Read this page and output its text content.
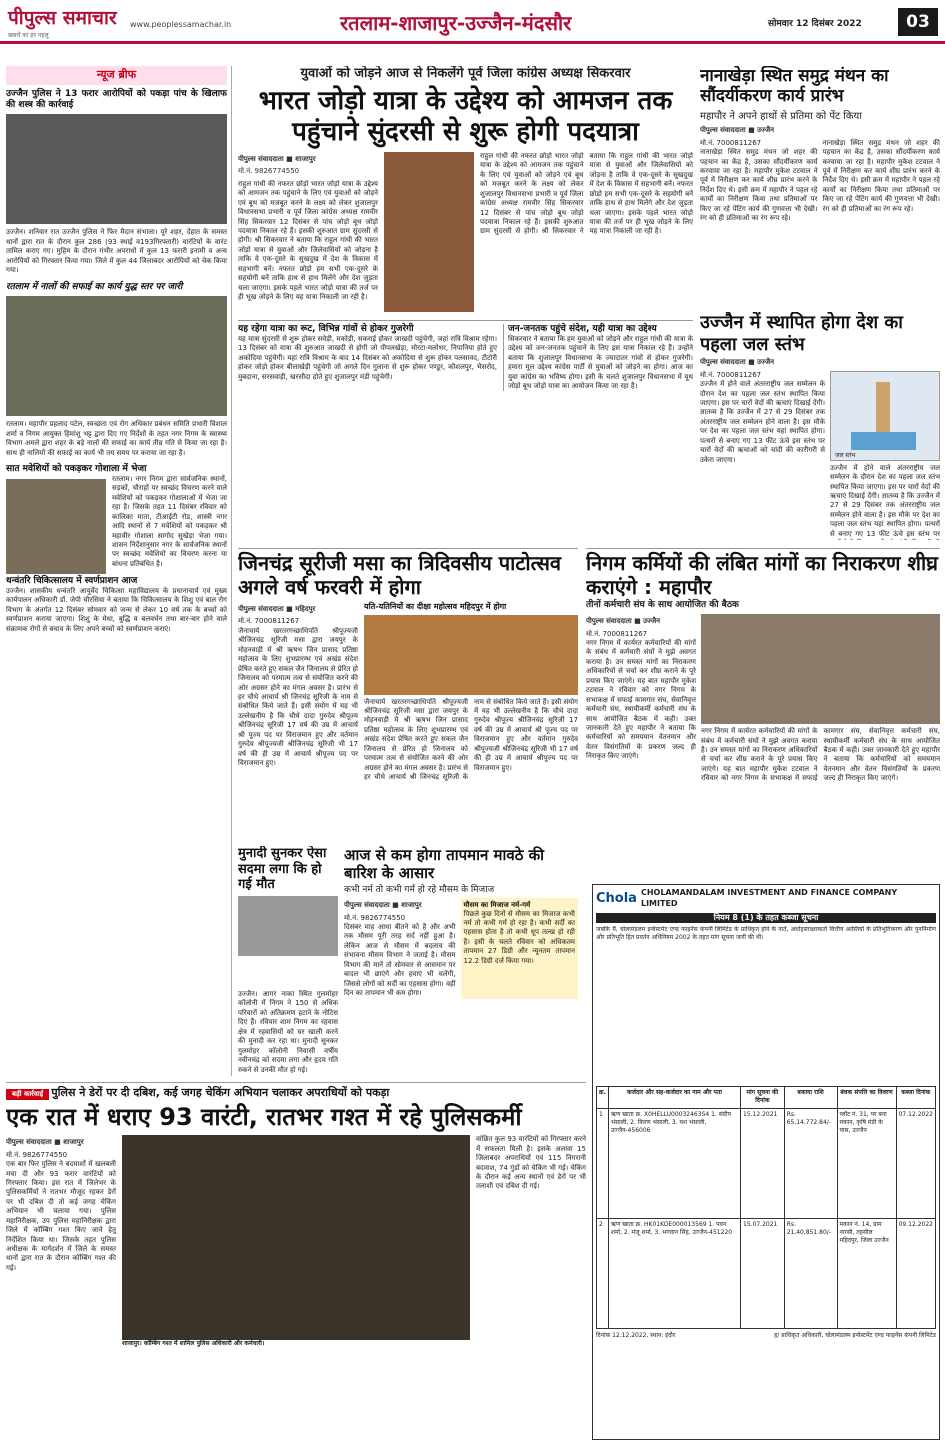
पीपुल्स समाचार
खबरों का हर पहलू
www.peoplessamachar.in	रतलाम-शाजापुर-उज्जैन-मंदसौर	सोमवार 12 दिसंबर 2022	03
न्यूज ब्रीफ
उज्जैन पुलिस ने 13 फरार आरोपियों को पकड़ा पांच के खिलाफ की शस्त्र की कार्रवाई
उज्जैन। शनिवार रात उज्जैन पुलिस ने फिर मैदान संभाला। पूरे शहर, देहात के समस्त थानों द्वारा रात के दौरान कुल 286 (93 स्थाई व193गिरफ्तारी) वारंटियों के वारंट तामिल कराए गए। मुहिम के दौरान गंभीर अपराधों में कुल 13 फरारी इनामी व अन्य आरोपियों को गिरफ्तार किया गया। जिले में कुल 44 जिलाबदर आरोपियों को चेक किया गया।
रतलाम में नालों की सफाई का कार्य युद्ध स्तर पर जारी
रतलाम। महापौर प्रहलाद पटेल, स्वच्छता एवं रोग अधिकार प्रबंधन समिति प्रभारी विशाल शर्मा व निगम आयुक्त हिमांशु भट्ट द्वारा दिए गए निर्देशों के तहत नगर निगम के स्वास्थ्य विभाग अमले द्वारा शहर के बड़े नालों की सफाई का कार्य तीव्र गति से किया जा रहा है। साथ ही नालियों की सफाई का कार्य भी तय समय पर कराया जा रहा है।
सात मवेशियों को पकड़कर गोशाला में भेजा
रतलाम। नगर निगम द्वारा सार्वजनिक स्थानों, सड़कों, चौराहों पर स्वच्छंद विचरण करने वाले मवेशियों को पकड़कर गोशालाओं में भेजा जा रहा है। जिसके तहत 11 दिसंबर रविवार को कालिका माता, टीआईटी रोड, शास्त्री नगर आदि स्थानों से 7 मवेशियों को पकड़कर श्री महावीर गोशाला सागोद सुखेड़ा भेजा गया। शासन निर्देशानुसार नगर के सार्वजनिक स्थानों पर स्वच्छंद मवेशियों का विचरण करना या बांधना प्रतिबंधित है।
धन्वंतरि चिकित्सालय में स्वर्णप्राशन आज
उज्जैन। शासकीय धन्वंतरि आयुर्वेद चिकित्सा महाविद्यालय के प्रधानाचार्य एवं मुख्य कार्यपालन अधिकारी डॉ. जेपी चौरसिया ने बताया कि चिकित्सालय के शिशु एवं बाल रोग विभाग के अंतर्गत 12 दिसंबर सोमवार को जन्म से लेकर 10 वर्ष तक के बच्चों को स्वर्णप्राशन कराया जाएगा। शिशु के मेधा, बुद्धि व बलवर्धन तथा बार-बार होने वाले संक्रामक रोगों से बचाव के लिए अपने बच्चों को स्वर्णप्राशन कराएं।
युवाओं को जोड़ने आज से निकलेंगे पूर्व जिला कांग्रेस अध्यक्ष सिकरवार
भारत जोड़ो यात्रा के उद्देश्य को आमजन तक पहुंचाने सुंदरसी से शुरू होगी पदयात्रा
पीपुल्स संवाददाता ■ शाजापुर
मो.नं. 9826774550
राहुल गांधी की नफरत छोड़ो भारत जोड़ो यात्रा के उद्देश्य को आमजन तक पहुंचाने के लिए एवं युवाओं को जोड़ने एवं बूथ को मजबूत करने के लक्ष्य को लेकर शुजालपुर विधानसभा प्रभारी व पूर्व जिला कांग्रेस अध्यक्ष रामवीर सिंह सिकरवार 12 दिसंबर से पांच जोड़ो बूथ जोड़ो पदयात्रा निकाल रहे हैं। इसकी शुरुआत ग्राम सुंदरसी से होगी। श्री सिकरवार ने बताया कि राहुल गांधी की भारत जोड़ो यात्रा से युवाओं और जिलेवासियों को जोड़ना है ताकि वे एक-दूसरे के सुखदुख में देश के विकास में सहभागी बनें। नफरत छोड़ो हम सभी एक-दूसरे के सहयोगी बनें ताकि हाथ से हाथ मिलेंगे और देश जुड़ता चला जाएगा। इसके पहले भारत जोड़ो यात्रा की तर्ज पर ही भूख जोड़ने के लिए यह यात्रा निकाली जा रही है।
राहुल गांधी की नफरत छोड़ो भारत जोड़ो यात्रा के उद्देश्य को आमजन तक पहुंचाने के लिए एवं युवाओं को जोड़ने एवं बूथ को मजबूत करने के लक्ष्य को लेकर शुजालपुर विधानसभा प्रभारी व पूर्व जिला कांग्रेस अध्यक्ष रामवीर सिंह सिकरवार 12 दिसंबर से पांच जोड़ो बूथ जोड़ो पदयात्रा निकाल रहे हैं। इसकी शुरुआत ग्राम सुंदरसी से होगी। श्री सिकरवार ने बताया कि राहुल गांधी की भारत जोड़ो यात्रा से युवाओं और जिलेवासियों को जोड़ना है ताकि वे एक-दूसरे के सुखदुख में देश के विकास में सहभागी बनें। नफरत छोड़ो हम सभी एक-दूसरे के सहयोगी बनें ताकि हाथ से हाथ मिलेंगे और देश जुड़ता चला जाएगा। इसके पहले भारत जोड़ो यात्रा की तर्ज पर ही भूख जोड़ने के लिए यह यात्रा निकाली जा रही है।
यह रहेगा यात्रा का रूट, विभिन्न गांवों से होकर गुजरेगी
यह यात्रा सुंदरसी से शुरू होकर सवेड़ी, मकोड़ी, सकराई होकर जाखदी पहुंचेगी, जहां रात्रि विश्राम रहेगा। 13 दिसंबर को यात्रा की शुरुआत जाखदी से होगी जो पीपलखेड़ा, मोरटा-मलोथर, निपानिया होते हुए अकोदिया पहुंचेगी। यहां रात्रि विश्राम के बाद 14 दिसंबर को अकोदिया से शुरू होकर पलसावद, टीटोरी होकर जोड़ो होकर बीलाखेड़ी पहुंचेगी जो अगले दिन गुलाना से शुरू होकर पण्डूर, कौशलपुर, भैसरोद, मुबदाना, सरसवाड़ी, खरसौदा होते हुए शुजालपुर मंडी पहुंचेगी।
जन-जनतक पहुंचे संदेश, यही यात्रा का उद्देश्य
सिकरवार ने बताया कि हम युवाओं को जोड़ने और राहुल गांधी की यात्रा के उद्देश्य को जन-जनतक पहुंचाने के लिए इस यात्रा निकाल रहे हैं। उन्होंने बताया कि शुजालपुर विधानसभा के ज्यादातर गांवों से होकर गुजरेगी। हमारा मूल उद्देश्य कांग्रेस पार्टी से युवाओं को जोड़ने का होगा। आज का युवा कांग्रेस का भविष्य होगा। इसी के चलते शुजालपुर विधानसभा में यूथ जोड़ो बूथ जोड़ो यात्रा का आयोजन किया जा रहा है।
नानाखेड़ा स्थित समुद्र मंथन का सौंदर्यीकरण कार्य प्रारंभ
महापौर ने अपने हाथों से प्रतिमा को पेंट किया
पीपुल्स संवाददाता ■ उज्जैन
मो.नं. 7000811267
नानाखेड़ा स्थित समुद्र मंथन जो शहर की पहचान का केंद्र है, उसका सौंदर्यीकरण कार्य करवाया जा रहा है। महापौर मुकेश टटवाल ने पूर्व में निरीक्षण कर कार्य शीघ्र प्रारंभ करने के निर्देश दिए थे। इसी क्रम में महापौर ने पहल रहे कार्यों का निरीक्षण किया तथा प्रतिमाओं पर किए जा रहे पेंटिंग कार्य की गुणवत्ता भी देखी। रंग को ही प्रतिमाओं का रंग रूप रहे।
नानाखेड़ा स्थित समुद्र मंथन जो शहर की पहचान का केंद्र है, उसका सौंदर्यीकरण कार्य करवाया जा रहा है। महापौर मुकेश टटवाल ने पूर्व में निरीक्षण कर कार्य शीघ्र प्रारंभ करने के निर्देश दिए थे। इसी क्रम में महापौर ने पहल रहे कार्यों का निरीक्षण किया तथा प्रतिमाओं पर किए जा रहे पेंटिंग कार्य की गुणवत्ता भी देखी। रंग को ही प्रतिमाओं का रंग रूप रहे।
उज्जैन में स्थापित होगा देश का पहला जल स्तंभ
पीपुल्स संवाददाता ■ उज्जैन
मो.नं. 7000811267
उज्जैन में होने वाले अंतरराष्ट्रीय जल सम्मेलन के दौरान देश का पहला जल स्तंभ स्थापित किया जाएगा। इस पर चारों वेदों की ऋचाएं दिखाई देंगी। ज्ञातव्य है कि उज्जैन में 27 से 29 दिसंबर तक अंतरराष्ट्रीय जल सम्मेलन होने वाला है। इस मौके पर देश का पहला जल स्तंभ यहां स्थापित होगा। पत्थरों से बनाए गए 13 फीट ऊंचे इस स्तंभ पर चारों वेदों की ऋचाओं को चांदी की कारीगरी से उकेरा जाएगा।
जल स्तंभ
उज्जैन में होने वाले अंतरराष्ट्रीय जल सम्मेलन के दौरान देश का पहला जल स्तंभ स्थापित किया जाएगा। इस पर चारों वेदों की ऋचाएं दिखाई देंगी। ज्ञातव्य है कि उज्जैन में 27 से 29 दिसंबर तक अंतरराष्ट्रीय जल सम्मेलन होने वाला है। इस मौके पर देश का पहला जल स्तंभ यहां स्थापित होगा। पत्थरों से बनाए गए 13 फीट ऊंचे इस स्तंभ पर
जिनचंद्र सूरीजी मसा का त्रिदिवसीय पाटोत्सव अगले वर्ष फरवरी में होगा
पीपुल्स संवाददाता ■ महिदपुर
मो.नं. 7000811267
जैनाचार्य खरतरगच्छाधिपति श्रीपूज्यजी श्रीजिनचंद्र सूरिजी मसा द्वारा जयपुर के मोहनवाड़ी में श्री ऋषभ जिन प्रासाद प्रतिष्ठा महोत्सव के लिए शुभप्रारम्भ एवं अखंड संदेश प्रेषित करते हुए सकल जैन जिनालय से प्रेरित हो जिनालय को परमात्म तत्व से संयोजित करने की ओर अग्रसर होने का मंगल अवसर है। प्रारंभ से हर चौथे आचार्य श्री जिनचंद्र सूरिजी के नाम से संबोधित किये जाते हैं। इसी संयोग में यह भी उल्लेखनीय है कि चौथे दादा गुरुदेव श्रीपूज्य श्रीजिनचंद्र सूरिजी 17 वर्ष की उम्र में आचार्य श्री पूज्य पद पर विराजमान हुए और वर्तमान गुरुदेव श्रीपूज्यजी श्रीजिनचंद्र सूरिजी भी 17 वर्ष की ही उम्र में आचार्य श्रीपूज्य पद पर विराजमान हुए।
यति-यतिनियों का दीक्षा महोत्सव महिदपुर में होगा
जैनाचार्य खरतरगच्छाधिपति श्रीपूज्यजी श्रीजिनचंद्र सूरिजी मसा द्वारा जयपुर के मोहनवाड़ी में श्री ऋषभ जिन प्रासाद प्रतिष्ठा महोत्सव के लिए शुभप्रारम्भ एवं अखंड संदेश प्रेषित करते हुए सकल जैन जिनालय से प्रेरित हो जिनालय को परमात्म तत्व से संयोजित करने की ओर अग्रसर होने का मंगल अवसर है। प्रारंभ से हर चौथे आचार्य श्री जिनचंद्र सूरिजी के नाम से संबोधित किये जाते हैं। इसी संयोग में यह भी उल्लेखनीय है कि चौथे दादा गुरुदेव श्रीपूज्य श्रीजिनचंद्र सूरिजी 17 वर्ष की उम्र में आचार्य श्री पूज्य पद पर विराजमान हुए और वर्तमान गुरुदेव श्रीपूज्यजी श्रीजिनचंद्र सूरिजी भी 17 वर्ष की ही उम्र में आचार्य श्रीपूज्य पद पर विराजमान हुए।
मुनादी सुनकर ऐसा सदमा लगा कि हो गई मौत
उज्जैन। आगर नाका स्थित गुलमोहर कॉलोनी में निगम ने 150 से अधिक परिवारों को अतिक्रमण हटाने के नोटिस दिए हैं। रविवार शाम निगम का रहवास क्षेत्र में रहवासियों को घर खाली करने की मुनादी कर रहा था। मुनादी सुनकर गुलमोहर कॉलोनी निवासी वर्षीय नवीनचंद्र को सदमा लगा और हृदय गति रुकने से उनकी मौत हो गई।
आज से कम होगा तापमान मावठे की बारिश के आसार
कभी नर्म तो कभी गर्म हो रहे मौसम के मिजाज
पीपुल्स संवाददाता ■ शाजापुर
मो.नं. 9826774550
दिसंबर माह आधा बीतने को है और अभी तक मौसम पूरी तरह सर्द नहीं हुआ है। लेकिन आज से मौसम में बदलाव की संभावना मौसम विभाग ने जताई है। मौसम विभाग की मानें तो सोमवार से आसमान पर बादल भी छाएंगे और हवाएं भी चलेंगी, जिससे लोगों को सर्दी का एहसास होगा। वहीं दिन का तापमान भी कम होगा।
मौसम का मिजाज नर्म-गर्म
पिछले कुछ दिनों से मौसम का मिजाज कभी नर्म तो कभी गर्म हो रहा है। कभी सर्दी का एहसास होता है तो कभी धूप तल्ख हो रही है। इसी के चलते रविवार को अधिकतम तापमान 27 डिग्री और न्यूनतम तापमान 12.2 डिग्री दर्ज किया गया।
निगम कर्मियों की लंबित मांगों का निराकरण शीघ्र कराएंगे : महापौर
तीनों कर्मचारी संघ के साथ आयोजित की बैठक
पीपुल्स संवाददाता ■ उज्जैन
मो.नं. 7000811267
नगर निगम में कार्यरत कर्मचारियों की मांगों के संबंध में कर्मचारी संघों ने मुझे अवगत कराया है। उन समस्त मांगों का निराकरण अधिकारियों से चर्चा कर शीघ्र कराने के पूरे प्रयास किए जाएंगे। यह बात महापौर मुकेश टटवाल ने रविवार को नगर निगम के सभाकक्ष में सफाई कामगार संघ, सेवानिवृत्त कर्मचारी संघ, स्थायीकर्मी कर्मचारी संघ के साथ आयोजित बैठक में कही। उक्त जानकारी देते हुए महापौर ने बताया कि कर्मचारियों को समयमान वेतनमान और वेतन विसंगतियों के प्रकरण जल्द ही निराकृत किए जाएंगे।
नगर निगम में कार्यरत कर्मचारियों की मांगों के संबंध में कर्मचारी संघों ने मुझे अवगत कराया है। उन समस्त मांगों का निराकरण अधिकारियों से चर्चा कर शीघ्र कराने के पूरे प्रयास किए जाएंगे। यह बात महापौर मुकेश टटवाल ने रविवार को नगर निगम के सभाकक्ष में सफाई कामगार संघ, सेवानिवृत्त कर्मचारी संघ, स्थायीकर्मी कर्मचारी संघ के साथ आयोजित बैठक में कही। उक्त जानकारी देते हुए महापौर ने बताया कि कर्मचारियों को समयमान वेतनमान और वेतन विसंगतियों के प्रकरण जल्द ही निराकृत किए जाएंगे।
बड़ी कार्रवाई पुलिस ने डेरों पर दी दबिश, कई जगह चेकिंग अभियान चलाकर अपराधियों को पकड़ा
एक रात में धराए 93 वारंटी, रातभर गश्त में रहे पुलिसकर्मी
पीपुल्स संवाददाता ■ शाजापुर
मो.नं. 9826774550
एक बार फिर पुलिस ने बदमाशों में खलबली मचा दी और 93 फरार वारंटियों को गिरफ्तार किया। इस रात में जिलेभर के पुलिसकर्मियों ने रातभर मौजूद रहकर डेरों पर भी दबिश दी तो कई जगह चेकिंग अभियान भी चलाया गया। पुलिस महानिरीक्षक, उप पुलिस महानिरीक्षक द्वारा जिले में कॉम्बिंग गश्त किए जाने हेतु निर्देशित किया था। जिसके तहत पुलिस अधीक्षक के मार्गदर्शन में जिले के समस्त थानों द्वारा रात के दौरान कॉम्बिंग गश्त की गई।
शाजापुर। कॉम्बिंग गश्त में शामिल पुलिस अधिकारी और कर्मचारी।
वांछित कुल 93 वारंटियों को गिरफ्तार करने में सफलता मिली है। इसके अलावा 15 जिलाबदर अपराधियों एवं 115 निगरानी बदमाश, 74 गुंडों को चेकिंग भी गई। चेकिंग के दौरान कई अन्य स्थानों एवं डेरों पर भी तलाशी एवं दबिश दी गई।
Chola CHOLAMANDALAM INVESTMENT AND FINANCE COMPANY LIMITED
नियम 8 (1) के तहत कब्जा सूचना
जबकि मैं, चोलामंडलम इन्वेस्टमेंट एण्ड फाइनेंस कंपनी लिमिटेड के प्राधिकृत होने के नाते, अधोहस्ताक्षरकर्ता वित्तीय आस्तियों के प्रतिभूतिकरण और पुनर्निर्माण और प्रतिभूति हित प्रवर्तन अधिनियम 2002 के तहत मांग सूचना जारी की थी।
क्र.	कर्जदार और सह-कर्जदार का नाम और पता	मांग सूचना की दिनांक	बकाया राशि	बंधक संपत्ति का विवरण	कब्जा दिनांक
1	ऋण खाता क्र. X0HELLU00032463S4 1. संदीप भंसाली, 2. किरण भंसाली, 3. यश भंसाली, उज्जैन-456006	15.12.2021	Rs. 65,14,772.84/-	प्लॉट नं. 31, पर बना मकान, कृषि मंडी के पास, उज्जैन	07.12.2022
2	ऋण खाता क्र. HK01KOE000013569 1. पवन शर्मा, 2. मंजू शर्मा, 3. भगवान सिंह, उज्जैन-451220	15.07.2021	Rs. 21,40,851.80/-	मकान नं. 14, ग्राम नारसी, तहसील महिदपुर, जिला उज्जैन	09.12.2022
दिनांक 12.12.2022, स्थान: इंदौर	ह/ प्राधिकृत अधिकारी, चोलामंडलम इन्वेस्टमेंट एण्ड फाइनेंस कंपनी लिमिटेड
